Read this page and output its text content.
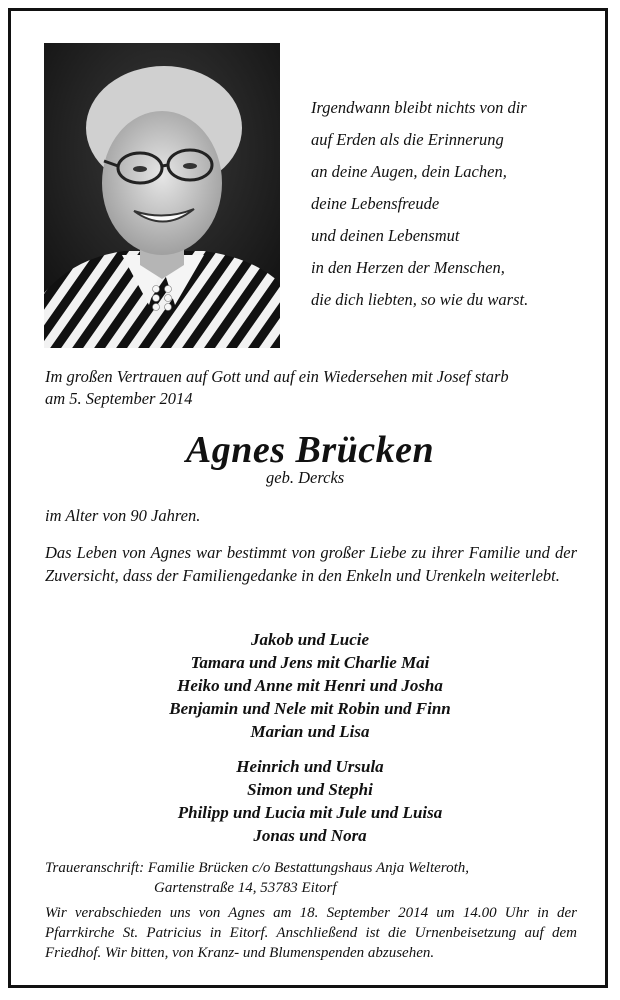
Irgendwann bleibt nichts von dir
auf Erden als die Erinnerung
an deine Augen, dein Lachen,
deine Lebensfreude
und deinen Lebensmut
in den Herzen der Menschen,
die dich liebten, so wie du warst.
Im großen Vertrauen auf Gott und auf ein Wiedersehen mit Josef starb
am 5. September 2014
Agnes Brücken
geb. Dercks
im Alter von 90 Jahren.
Das Leben von Agnes war bestimmt von großer Liebe zu ihrer Familie und der Zuversicht, dass der Familiengedanke in den Enkeln und Urenkeln weiterlebt.
Jakob und Lucie
Tamara und Jens mit Charlie Mai
Heiko und Anne mit Henri und Josha
Benjamin und Nele mit Robin und Finn
Marian und Lisa
Heinrich und Ursula
Simon und Stephi
Philipp und Lucia mit Jule und Luisa
Jonas und Nora
Traueranschrift: Familie Brücken c/o Bestattungshaus Anja Welteroth,
Gartenstraße 14, 53783 Eitorf
Wir verabschieden uns von Agnes am 18. September 2014 um 14.00 Uhr in der Pfarrkirche St. Patricius in Eitorf. Anschließend ist die Urnenbeisetzung auf dem Friedhof. Wir bitten, von Kranz- und Blumenspenden abzusehen.
